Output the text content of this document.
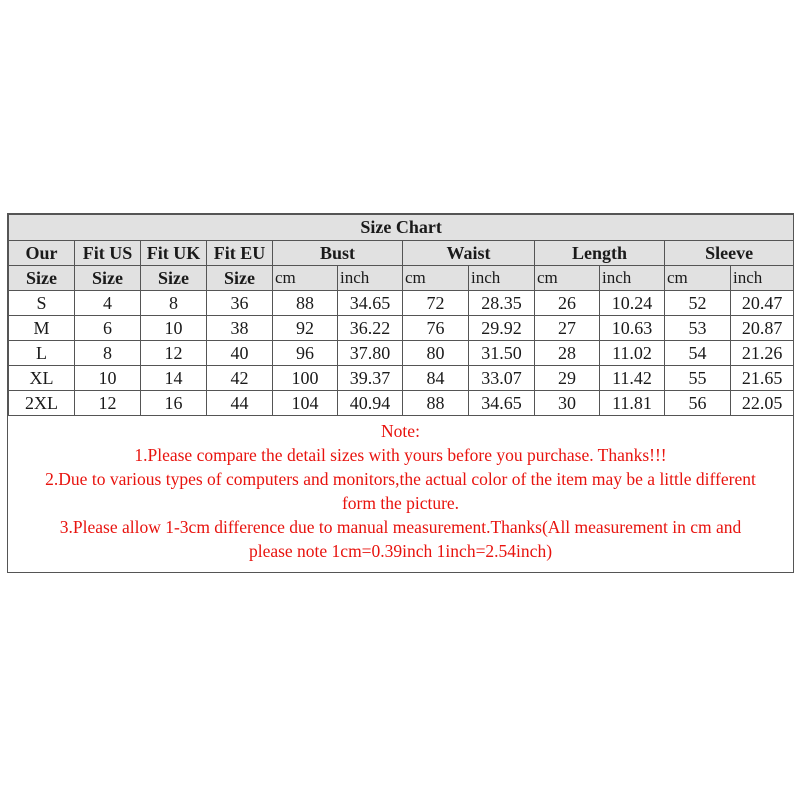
Size Chart											
Our	Fit US	Fit UK	Fit EU	Bust		Waist		Length		Sleeve	
Size	Size	Size	Size	cm	inch	cm	inch	cm	inch	cm	inch
S	4	8	36	88	34.65	72	28.35	26	10.24	52	20.47
M	6	10	38	92	36.22	76	29.92	27	10.63	53	20.87
L	8	12	40	96	37.80	80	31.50	28	11.02	54	21.26
XL	10	14	42	100	39.37	84	33.07	29	11.42	55	21.65
2XL	12	16	44	104	40.94	88	34.65	30	11.81	56	22.05

Note:

1.Please compare the detail sizes with yours before you purchase. Thanks!!!

2.Due to various types of computers and monitors,the actual color of the item may be a little different

form the picture.

3.Please allow 1-3cm difference due to manual measurement.Thanks(All measurement in cm and

please note 1cm=0.39inch 1inch=2.54inch)
